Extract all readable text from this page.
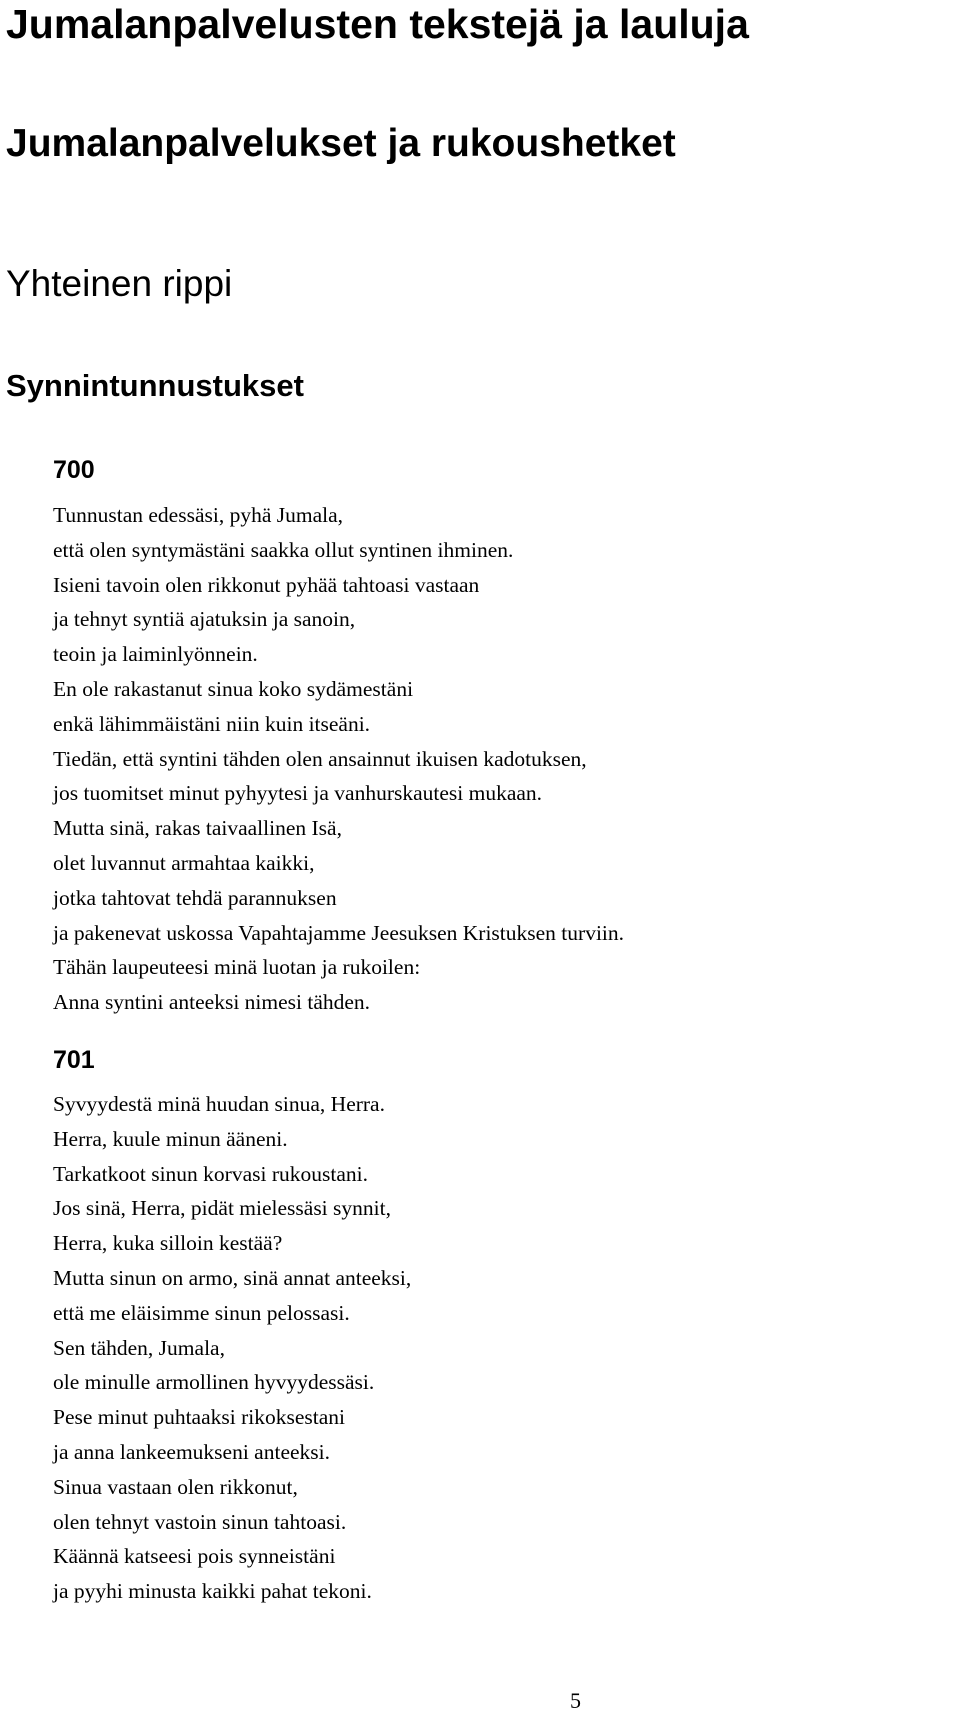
Jumalanpalvelusten tekstejä ja lauluja
Jumalanpalvelukset ja rukoushetket
Yhteinen rippi
Synnintunnustukset

700

Tunnustan edessäsi, pyhä Jumala,
että olen syntymästäni saakka ollut syntinen ihminen.
Isieni tavoin olen rikkonut pyhää tahtoasi vastaan
ja tehnyt syntiä ajatuksin ja sanoin,
teoin ja laiminlyönnein.
En ole rakastanut sinua koko sydämestäni
enkä lähimmäistäni niin kuin itseäni.
Tiedän, että syntini tähden olen ansainnut ikuisen kadotuksen,
jos tuomitset minut pyhyytesi ja vanhurskautesi mukaan.
Mutta sinä, rakas taivaallinen Isä,
olet luvannut armahtaa kaikki,
jotka tahtovat tehdä parannuksen
ja pakenevat uskossa Vapahtajamme Jeesuksen Kristuksen turviin.
Tähän laupeuteesi minä luotan ja rukoilen:
Anna syntini anteeksi nimesi tähden.

701

Syvyydestä minä huudan sinua, Herra.
Herra, kuule minun ääneni.
Tarkatkoot sinun korvasi rukoustani.
Jos sinä, Herra, pidät mielessäsi synnit,
Herra, kuka silloin kestää?
Mutta sinun on armo, sinä annat anteeksi,
että me eläisimme sinun pelossasi.
Sen tähden, Jumala,
ole minulle armollinen hyvyydessäsi.
Pese minut puhtaaksi rikoksestani
ja anna lankeemukseni anteeksi.
Sinua vastaan olen rikkonut,
olen tehnyt vastoin sinun tahtoasi.
Käännä katseesi pois synneistäni
ja pyyhi minusta kaikki pahat tekoni.
5
